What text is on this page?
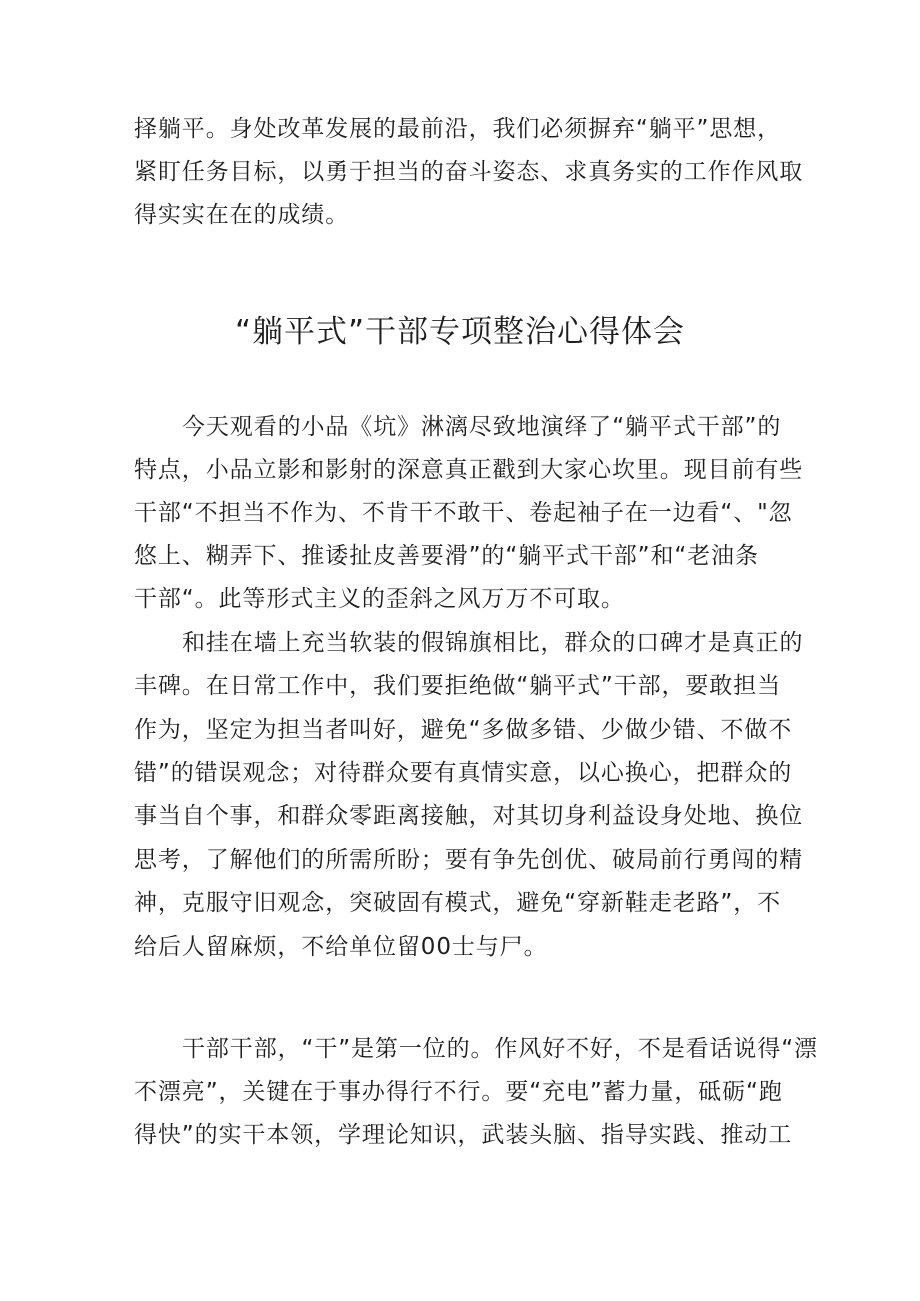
择躺平。身处改革发展的最前沿，我们必须摒弃“躺平”思想，
紧盯任务目标，以勇于担当的奋斗姿态、求真务实的工作作风取
得实实在在的成绩。
“躺平式”干部专项整治心得体会
今天观看的小品《坑》淋漓尽致地演绎了“躺平式干部”的
特点，小品立影和影射的深意真正戳到大家心坎里。现目前有些
干部“不担当不作为、不肯干不敢干、卷起袖子在一边看“、"忽
悠上、糊弄下、推诿扯皮善要滑”的“躺平式干部”和“老油条
干部“。此等形式主义的歪斜之风万万不可取。
和挂在墙上充当软装的假锦旗相比，群众的口碑才是真正的
丰碑。在日常工作中，我们要拒绝做“躺平式”干部，要敢担当
作为，坚定为担当者叫好，避免“多做多错、少做少错、不做不
错”的错误观念；对待群众要有真情实意，以心换心，把群众的
事当自个事，和群众零距离接触，对其切身利益设身处地、换位
思考，了解他们的所需所盼；要有争先创优、破局前行勇闯的精
神，克服守旧观念，突破固有模式，避免“穿新鞋走老路”，不
给后人留麻烦，不给单位留00士与尸。
干部干部，“干”是第一位的。作风好不好，不是看话说得“漂
不漂亮”，关键在于事办得行不行。要“充电”蓄力量，砥砺“跑
得快”的实干本领，学理论知识，武装头脑、指导实践、推动工
